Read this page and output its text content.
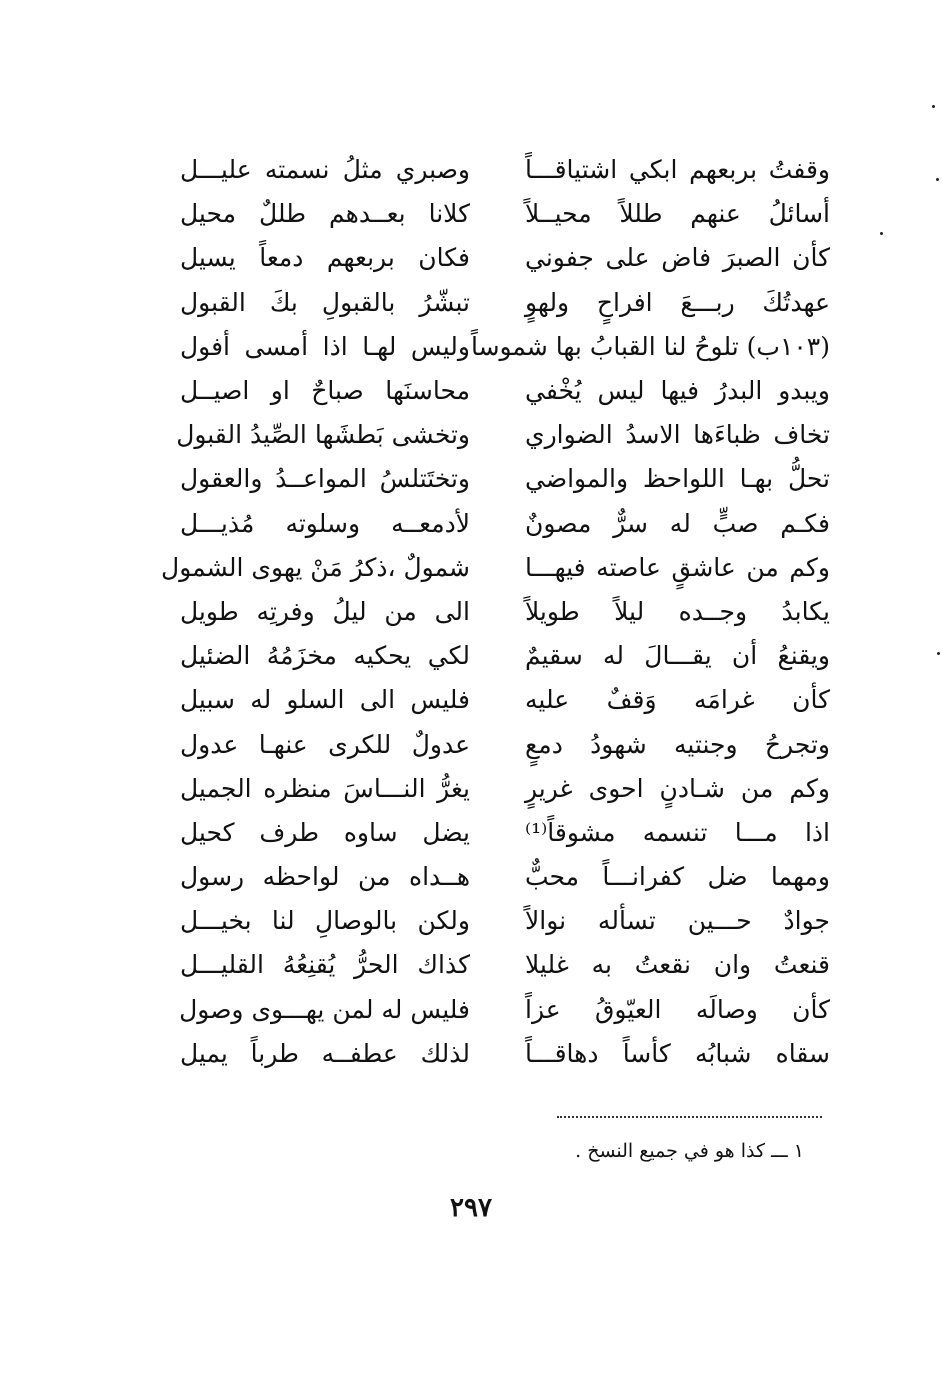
وقفتُ بربعهم ابكي اشتياقـــاً
وصبري مثلُ نسمته عليـــل
أسائلُ عنهم طللاً محيــلاً
كلانا بعــدهم طللٌ محيل
كأن الصبرَ فاض على جفوني
فكان بربعهم دمعاً يسيل
عهدتُكَ ربـــعَ افراحٍ ولهوٍ
تبشّرُ بالقبولِ بكَ القبول
(١٠٣ب) تلوحُ لنا القبابُ بها شموساً
وليس لهـا اذا أمسى أفول
ويبدو البدرُ فيها ليس يُخْفي
محاسنَها صباحٌ او اصيــل
تخاف ظباءَها الاسدُ الضواري
وتخشى بَطشَها الصِّيدُ القبول
تحلُّ بهـا اللواحظ والمواضي
وتختَتلسُ المواعــدُ والعقول
فكـم صبٍّ له سرٌّ مصونٌ
لأدمعــه وسلوته مُذيـــل
وكم من عاشقٍ عاصته فيهـــا
شمولٌ ،ذكرُ مَنْ يهوى الشمول
يكابدُ وجــده ليلاً طويلاً
الى من ليلُ وفرتِه طويل
ويقنعُ أن يقـــالَ له سقيمٌ
لكي يحكيه مخزَمُهُ الضئيل
كأن غرامَه وَقفٌ عليه
فليس الى السلو له سبيل
وتجرحُ وجنتيه شهودُ دمعٍ
عدولٌ للكرى عنهـا عدول
وكم من شـادنٍ احوى غريرٍ
يغرُّ النـــاسَ منظره الجميل
اذا مـــا تنسمه مشوقاً⁽¹⁾
يضل ساوه طرف كحيل
ومهما ضل كفرانـــاً محبٌّ
هــداه من لواحظه رسول
جوادٌ حـــين تسأله نوالاً
ولكن بالوصالِ لنا بخيـــل
قنعتُ وان نقعتُ به غليلا
كذاك الحرُّ يُقنِعُهُ القليـــل
كأن وصالَه العيّوقُ عزاً
فليس له لمن يهـــوى وصول
سقاه شبابُه كأساً دهاقـــاً
لذلك عطفــه طرباً يميل
١ ـــ كذا هو في جميع النسخ .
٢٩٧
